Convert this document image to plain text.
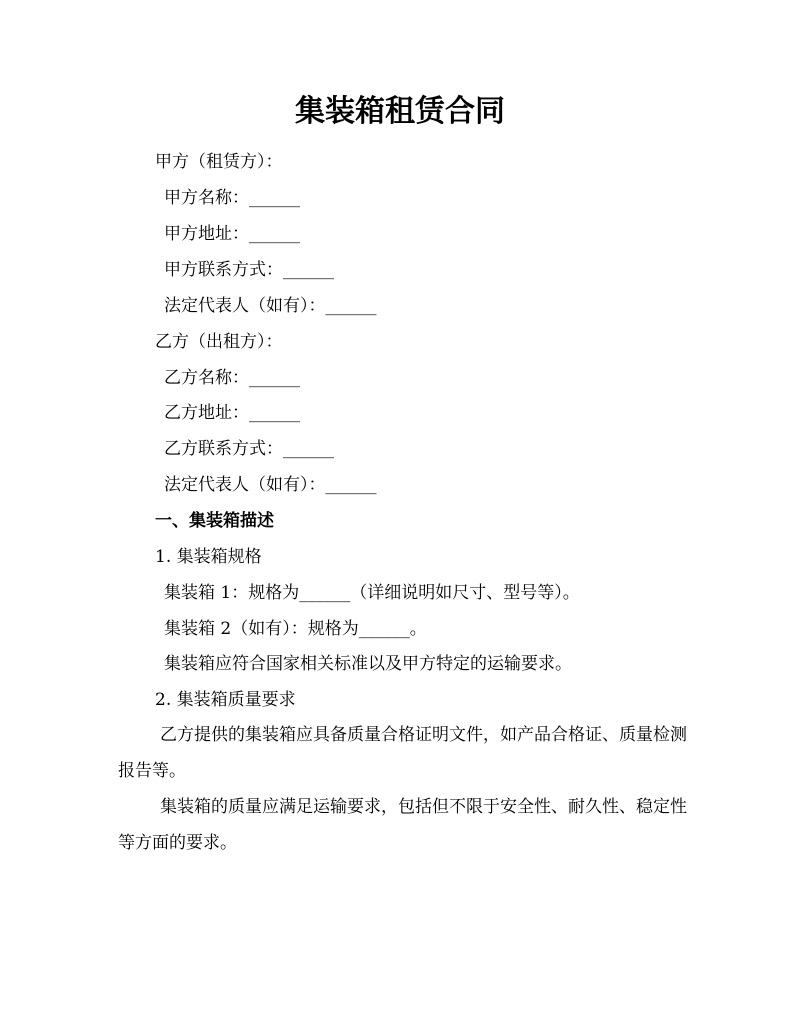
集装箱租赁合同
甲方（租赁方）：
甲方名称：______
甲方地址：______
甲方联系方式：______
法定代表人（如有）：______
乙方（出租方）：
乙方名称：______
乙方地址：______
乙方联系方式：______
法定代表人（如有）：______
一、集装箱描述
1. 集装箱规格
集装箱 1：规格为______（详细说明如尺寸、型号等）。
集装箱 2（如有）：规格为______。
集装箱应符合国家相关标准以及甲方特定的运输要求。
2. 集装箱质量要求
乙方提供的集装箱应具备质量合格证明文件，如产品合格证、质量检测报告等。
集装箱的质量应满足运输要求，包括但不限于安全性、耐久性、稳定性等方面的要求。
